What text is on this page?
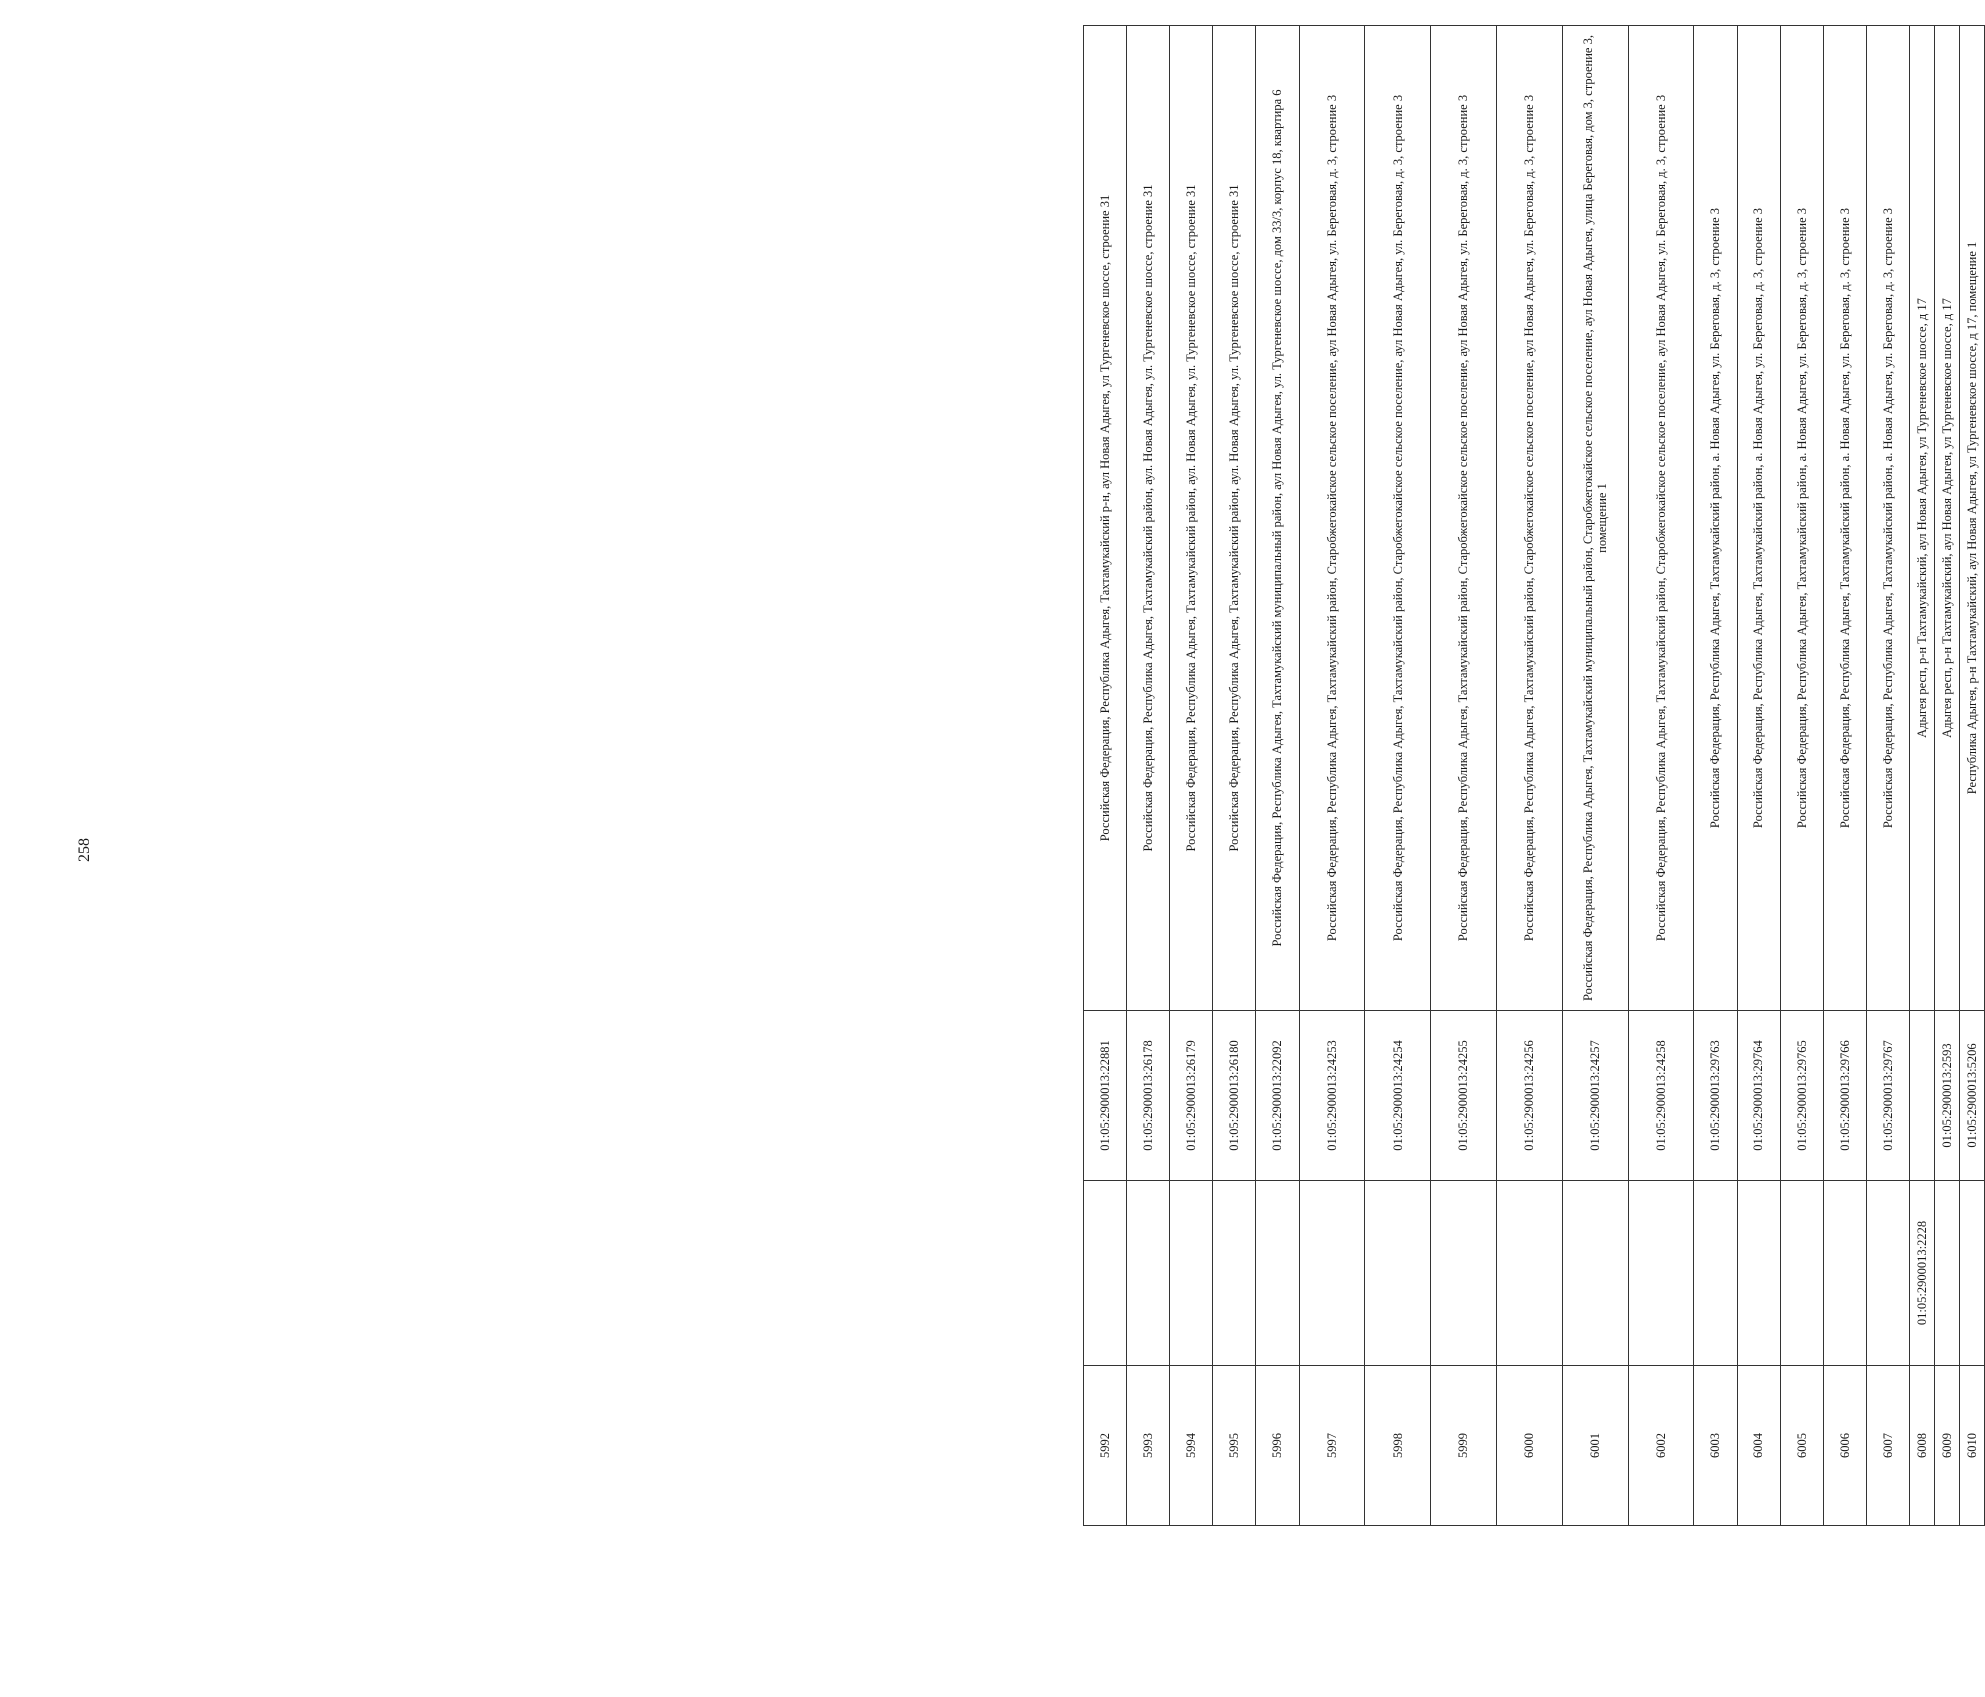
258
5992		01:05:2900013:22881	Российская Федерация, Республика Адыгея, Тахтамукайский р-н, аул Новая Адыгея, ул Тургеневское шоссе, строение 31
5993		01:05:2900013:26178	Российская Федерация, Республика Адыгея, Тахтамукайский район, аул. Новая Адыгея, ул. Тургеневское шоссе, строение 31
5994		01:05:2900013:26179	Российская Федерация, Республика Адыгея, Тахтамукайский район, аул. Новая Адыгея, ул. Тургеневское шоссе, строение 31
5995		01:05:2900013:26180	Российская Федерация, Республика Адыгея, Тахтамукайский район, аул. Новая Адыгея, ул. Тургеневское шоссе, строение 31
5996		01:05:2900013:22092	Российская Федерация, Республика Адыгея, Тахтамукайский муниципальный район, аул Новая Адыгея, ул. Тургеневское шоссе, дом 33/3, корпус 18, квартира 6
5997		01:05:2900013:24253	Российская Федерация, Республика Адыгея, Тахтамукайский район, Старобжегокайское сельское поселение, аул Новая Адыгея, ул. Береговая, д. 3, строение 3
5998		01:05:2900013:24254	Российская Федерация, Республика Адыгея, Тахтамукайский район, Старобжегокайское сельское поселение, аул Новая Адыгея, ул. Береговая, д. 3, строение 3
5999		01:05:2900013:24255	Российская Федерация, Республика Адыгея, Тахтамукайский район, Старобжегокайское сельское поселение, аул Новая Адыгея, ул. Береговая, д. 3, строение 3
6000		01:05:2900013:24256	Российская Федерация, Республика Адыгея, Тахтамукайский район, Старобжегокайское сельское поселение, аул Новая Адыгея, ул. Береговая, д. 3, строение 3
6001		01:05:2900013:24257	Российская Федерация, Республика Адыгея, Тахтамукайский муниципальный район, Старобжегокайское сельское поселение, аул Новая Адыгея, улица Береговая, дом 3, строение 3, помещение 1
6002		01:05:2900013:24258	Российская Федерация, Республика Адыгея, Тахтамукайский район, Старобжегокайское сельское поселение, аул Новая Адыгея, ул. Береговая, д. 3, строение 3
6003		01:05:2900013:29763	Российская Федерация, Республика Адыгея, Тахтамукайский район, а. Новая Адыгея, ул. Береговая, д. 3, строение 3
6004		01:05:2900013:29764	Российская Федерация, Республика Адыгея, Тахтамукайский район, а. Новая Адыгея, ул. Береговая, д. 3, строение 3
6005		01:05:2900013:29765	Российская Федерация, Республика Адыгея, Тахтамукайский район, а. Новая Адыгея, ул. Береговая, д. 3, строение 3
6006		01:05:2900013:29766	Российская Федерация, Республика Адыгея, Тахтамукайский район, а. Новая Адыгея, ул. Береговая, д. 3, строение 3
6007		01:05:2900013:29767	Российская Федерация, Республика Адыгея, Тахтамукайский район, а. Новая Адыгея, ул. Береговая, д. 3, строение 3
6008	01:05:2900013:2228		Адыгея респ, р-н Тахтамукайский, аул Новая Адыгея, ул Тургеневское шоссе, д 17
6009		01:05:2900013:2593	Адыгея респ, р-н Тахтамукайский, аул Новая Адыгея, ул Тургеневское шоссе, д 17
6010		01:05:2900013:5206	Республика Адыгея, р-н Тахтамукайский, аул Новая Адыгея, ул Тургеневское шоссе, д 17, помещение 1
